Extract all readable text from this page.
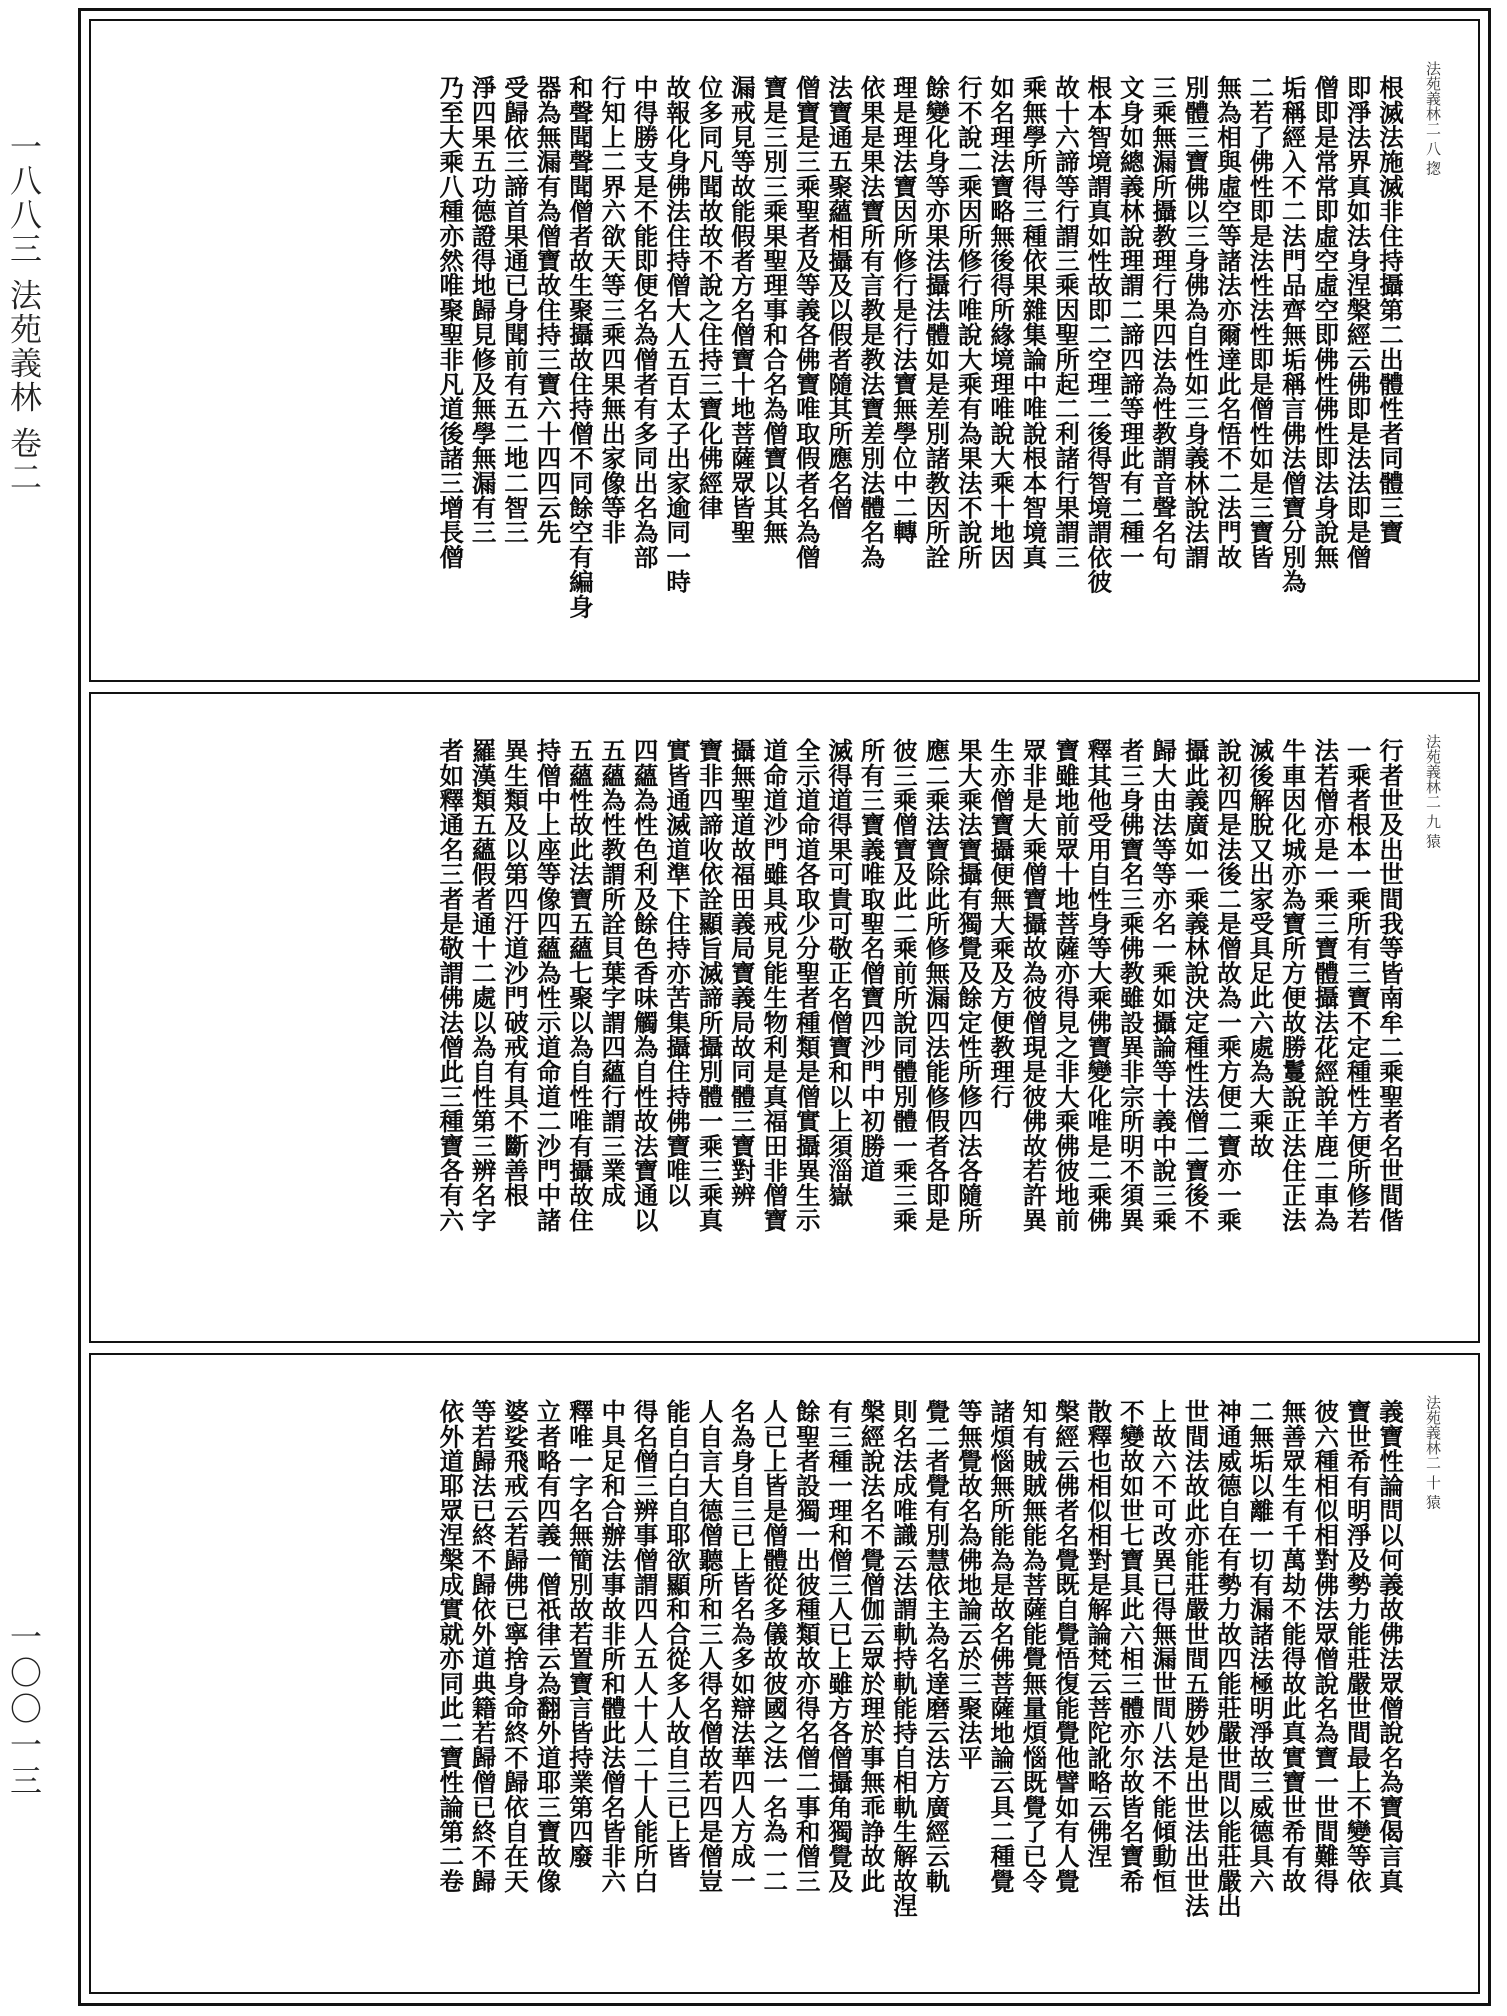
一八八三 法苑義林 卷二
一〇〇一三
法苑義林二 八 揔
根滅法施滅非住持攝第二出體性者同體三寶
即淨法界真如法身涅槃經云佛即是法法即是僧
僧即是常常即虛空虛空即佛性佛性即法身說無
垢稱經入不二法門品齊無垢稱言佛法僧寶分別為
二若了佛性即是法性法性即是僧性如是三寶皆
無為相與虛空等諸法亦爾達此名悟不二法門故
別體三寶佛以三身佛為自性如三身義林說法謂
三乘無漏所攝教理行果四法為性教謂音聲名句
文身如總義林說理謂二諦四諦等理此有二種一
根本智境謂真如性故即二空理二後得智境謂依彼
故十六諦等行謂三乘因聖所起二利諸行果謂三
乘無學所得三種依果雜集論中唯說根本智境真
如名理法寶略無後得所緣境理唯說大乘十地因
行不說二乘因所修行唯說大乘有為果法不說所
餘變化身等亦果法攝法體如是差別諸教因所詮
理是理法寶因所修行是行法寶無學位中二轉
依果是果法寶所有言教是教法寶差別法體名為
法寶通五聚蘊相攝及以假者隨其所應名僧
僧寶是三乘聖者及等義各佛寶唯取假者名為僧
寶是三別三乘果聖理事和合名為僧寶以其無
漏戒見等故能假者方名僧寶十地菩薩眾皆聖
位多同凡聞故故不說之住持三寶化佛經律
故報化身佛法住持僧大人五百太子出家逾同一時
中得勝支是不能即便名為僧者有多同出名為部
行知上二界六欲天等三乘四果無出家像等非
和聲聞聲聞僧者故生聚攝故住持僧不同餘空有編身
器為無漏有為僧寶故住持三寶六十四四云先
受歸依三諦首果通已身聞前有五二地二智三
淨四果五功德證得地歸見修及無學無漏有三
乃至大乘八種亦然唯聚聖非凡道後諸三增長僧
法苑義林二 九 猿
行者世及出世間我等皆南牟二乘聖者名世間偕
一乘者根本一乘所有三寶不定種性方便所修若
法若僧亦是一乘三寶體攝法花經說羊鹿二車為
牛車因化城亦為寶所方便故勝鬘說正法住正法
滅後解脫又出家受具足此六處為大乘故
說初四是法後二是僧故為一乘方便二寶亦一乘
攝此義廣如一乘義林說決定種性法僧二寶後不
歸大由法等等亦名一乘如攝論等十義中說三乘
者三身佛寶名三乘佛教雖設異非宗所明不須異
釋其他受用自性身等大乘佛寶變化唯是二乘佛
寶雖地前眾十地菩薩亦得見之非大乘佛彼地前
眾非是大乘僧寶攝故為彼僧現是彼佛故若許異
生亦僧寶攝便無大乘及方便教理行
果大乘法寶攝有獨覺及餘定性所修四法各隨所
應二乘法寶除此所修無漏四法能修假者各即是
彼三乘僧寶及此二乘前所說同體別體一乘三乘
所有三寶義唯取聖名僧寶四沙門中初勝道
滅得道得果可貴可敬正名僧寶和以上須淄嶽
全示道命道各取少分聖者種類是僧實攝異生示
道命道沙門雖具戒見能生物利是真福田非僧寶
攝無聖道故福田義局寶義局故同體三寶對辨
寶非四諦收依詮顯旨滅諦所攝別體一乘三乘真
實皆通滅道準下住持亦苦集攝住持佛寶唯以
四蘊為性色利及餘色香味觸為自性故法寶通以
五蘊為性教謂所詮貝葉字謂四蘊行謂三業成
五蘊性故此法寶五蘊七聚以為自性唯有攝故住
持僧中上座等像四蘊為性示道命道二沙門中諸
異生類及以第四汙道沙門破戒有具不斷善根
羅漢類五蘊假者通十二處以為自性第三辨名字
者如釋通名三者是敬謂佛法僧此三種寶各有六
法苑義林二 十 猿
義寶性論問以何義故佛法眾僧說名為寶偈言真
寶世希有明淨及勢力能莊嚴世間最上不變等依
彼六種相似相對佛法眾僧說名為寶一世間難得
無善眾生有千萬劫不能得故此真實寶世希有故
二無垢以離一切有漏諸法極明淨故三威德具六
神通威德自在有勢力故四能莊嚴世間以能莊嚴出
世間法故此亦能莊嚴世間五勝妙是出世法出世法
上故六不可改異已得無漏世間八法不能傾動恒
不變故如世七寶具此六相三體亦尔故皆名寶希
散釋也相似相對是解論梵云菩陀訛略云佛涅
槃經云佛者名覺既自覺悟復能覺他譬如有人覺
知有賊賊無能為菩薩能覺無量煩惱既覺了已令
諸煩惱無所能為是故名佛菩薩地論云具二種覺
等無覺故名為佛地論云於三聚法平
覺二者覺有別慧依主為名達磨云法方廣經云軌
則名法成唯識云法謂軌持軌能持自相軌生解故涅
槃經說法名不覺僧伽云眾於理於事無乖諍故此
有三種一理和僧三人已上雖方各僧攝角獨覺及
餘聖者設獨一出彼種類故亦得名僧二事和僧三
人已上皆是僧體從多儀故彼國之法一名為一二
名為身自三已上皆名為多如辯法華四人方成一
人自言大德僧聽所和三人得名僧故若四是僧豈
能自白白自耶欲顯和合從多人故自三已上皆
得名僧三辨事僧謂四人五人十人二十人能所白
中具足和合辦法事故非所和體此法僧名皆非六
釋唯一字名無簡別故若置寶言皆持業第四廢
立者略有四義一僧祇律云為翻外道耶三寶故像
婆娑飛戒云若歸佛已寧捨身命終不歸依自在天
等若歸法已終不歸依外道典籍若歸僧已終不歸
依外道耶眾涅槃成實就亦同此二寶性論第二卷
